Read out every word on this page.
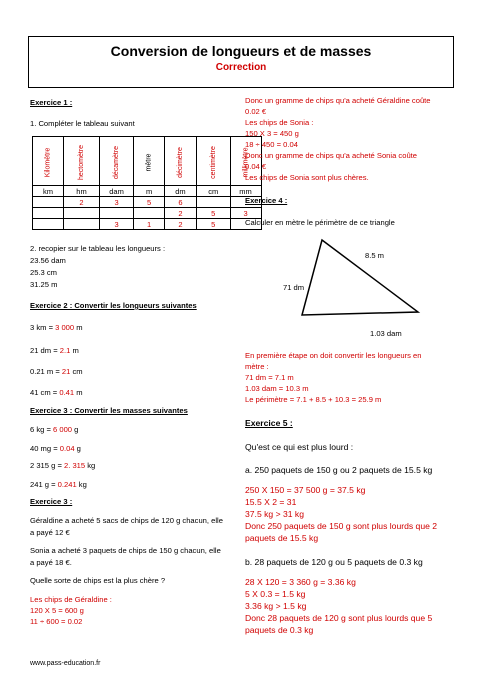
Conversion de longueurs et de masses
Correction
Exercice 1 :
1. Compléter le tableau suivant
Kilomètre	hectomètre	décamètre	mètre	décimètre	centimètre	millimètre
km	hm	dam	m	dm	cm	mm
	2	3	5	6		
				2	5	3
		3	1	2	5	
2. recopier sur le tableau les longueurs :
23.56 dam
25.3 cm
31.25 m
Exercice 2 : Convertir les longueurs suivantes
3 km = 3 000 m
21 dm = 2.1 m
0.21 m = 21 cm
41 cm = 0.41 m
Exercice 3 : Convertir les masses suivantes
6 kg = 6 000 g
40 mg = 0.04 g
2 315 g = 2. 315 kg
241 g = 0.241 kg
Exercice 3 :
Géraldine a acheté 5 sacs de chips de 120 g chacun, elle
a payé 12 €
Sonia a acheté 3 paquets de chips de 150 g chacun, elle
a payé 18 €.
Quelle sorte de chips est la plus chère ?
Les chips de Géraldine :
120 X 5 = 600 g
11 ÷ 600 = 0.02
Donc un gramme de chips qu'a acheté Géraldine coûte
0.02 €
Les chips de Sonia :
150 X 3 = 450 g
18 ÷ 450 = 0.04
Donc un gramme de chips qu'a acheté Sonia coûte
0.04 €
Les chips de Sonia sont plus chères.
Exercice 4 :
Calculer en mètre le périmètre de ce triangle
8.5 m
71 dm
1.03 dam
En première étape on doit convertir les longueurs en
mètre :
71 dm = 7.1 m
1.03 dam = 10.3 m
Le périmètre = 7.1 + 8.5 + 10.3 = 25.9 m
Exercice 5 :
Qu'est ce qui est plus lourd :
a. 250 paquets de 150 g ou 2 paquets de 15.5 kg
250 X 150 = 37 500 g = 37.5 kg
15.5 X 2 = 31
37.5 kg > 31 kg
Donc 250 paquets de 150 g sont plus lourds que 2
paquets de 15.5 kg
b. 28 paquets de 120 g ou 5 paquets de 0.3 kg
28 X 120 = 3 360 g = 3.36 kg
5 X 0.3 = 1.5 kg
3.36 kg > 1.5 kg
Donc 28 paquets de 120 g sont plus lourds que 5
paquets de 0.3 kg
www.pass-education.fr
